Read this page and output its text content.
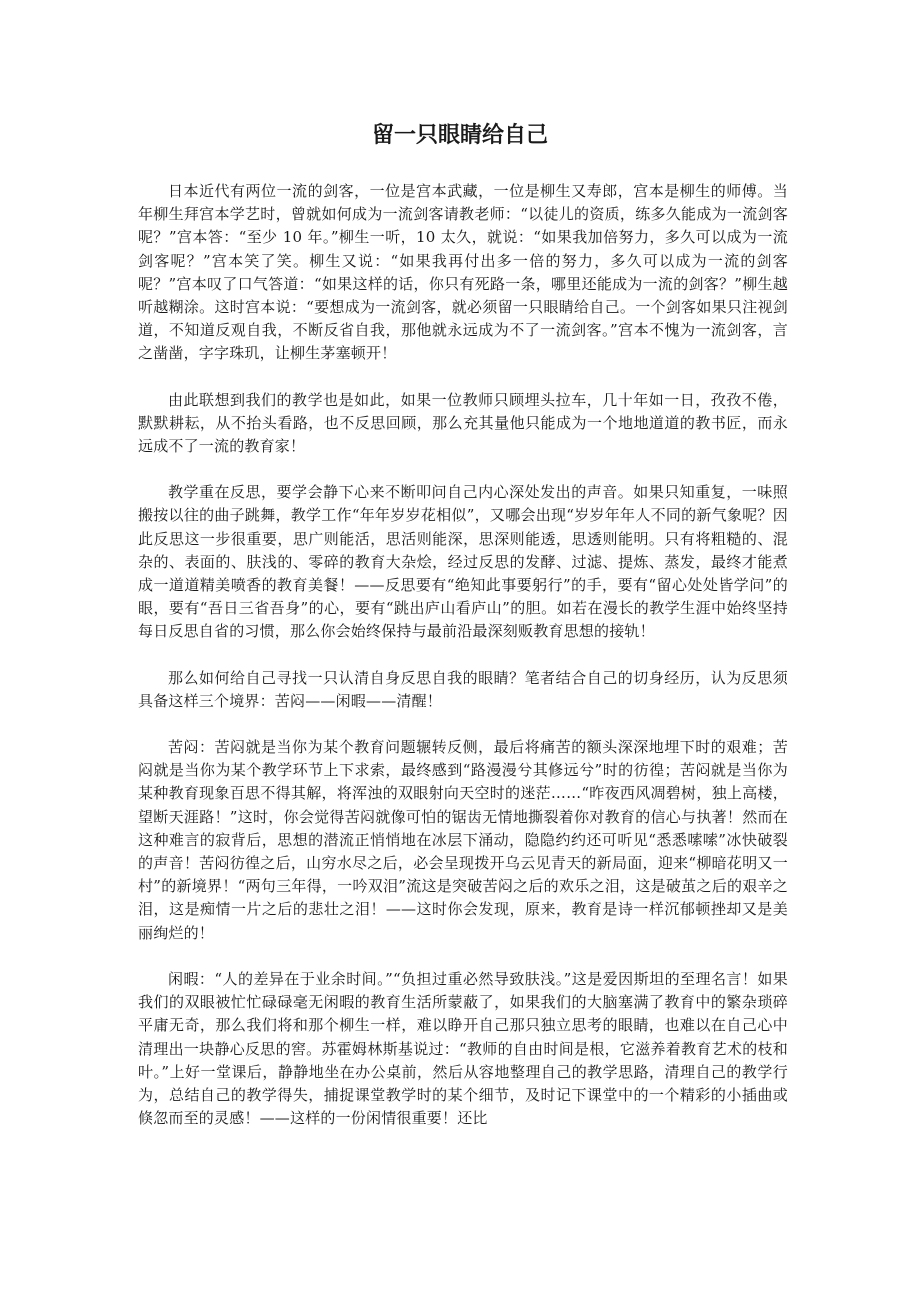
留一只眼睛给自己

日本近代有两位一流的剑客，一位是宫本武藏，一位是柳生又寿郎，宫本是柳生的师傅。当年柳生拜宫本学艺时，曾就如何成为一流剑客请教老师：“以徒儿的资质，练多久能成为一流剑客呢？”宫本答：“至少 10 年。”柳生一听，10 太久，就说：“如果我加倍努力，多久可以成为一流剑客呢？”宫本笑了笑。柳生又说：“如果我再付出多一倍的努力，多久可以成为一流的剑客呢？”宫本叹了口气答道：“如果这样的话，你只有死路一条，哪里还能成为一流的剑客？”柳生越听越糊涂。这时宫本说：“要想成为一流剑客，就必须留一只眼睛给自己。一个剑客如果只注视剑道，不知道反观自我，不断反省自我，那他就永远成为不了一流剑客。”宫本不愧为一流剑客，言之凿凿，字字珠玑，让柳生茅塞顿开！

由此联想到我们的教学也是如此，如果一位教师只顾埋头拉车，几十年如一日，孜孜不倦，默默耕耘，从不抬头看路，也不反思回顾，那么充其量他只能成为一个地地道道的教书匠，而永远成不了一流的教育家！

教学重在反思，要学会静下心来不断叩问自己内心深处发出的声音。如果只知重复，一味照搬按以往的曲子跳舞，教学工作“年年岁岁花相似”，又哪会出现“岁岁年年人不同的新气象呢？因此反思这一步很重要，思广则能活，思活则能深，思深则能透，思透则能明。只有将粗糙的、混杂的、表面的、肤浅的、零碎的教育大杂烩，经过反思的发酵、过滤、提炼、蒸发，最终才能煮成一道道精美喷香的教育美餐！——反思要有“绝知此事要躬行”的手，要有“留心处处皆学问”的眼，要有“吾日三省吾身”的心，要有“跳出庐山看庐山”的胆。如若在漫长的教学生涯中始终坚持每日反思自省的习惯，那么你会始终保持与最前沿最深刻贩教育思想的接轨！

那么如何给自己寻找一只认清自身反思自我的眼睛？笔者结合自己的切身经历，认为反思须具备这样三个境界：苦闷——闲暇——清醒！

苦闷：苦闷就是当你为某个教育问题辗转反侧，最后将痛苦的额头深深地埋下时的艰难；苦闷就是当你为某个教学环节上下求索，最终感到“路漫漫兮其修远兮”时的彷徨；苦闷就是当你为某种教育现象百思不得其解，将浑浊的双眼射向天空时的迷茫……“昨夜西风凋碧树，独上高楼，望断天涯路！”这时，你会觉得苦闷就像可怕的锯齿无情地撕裂着你对教育的信心与执著！然而在这种难言的寂背后，思想的潜流正悄悄地在冰层下涌动，隐隐约约还可听见“悉悉嗦嗦”冰快破裂的声音！苦闷彷徨之后，山穷水尽之后，必会呈现拨开乌云见青天的新局面，迎来“柳暗花明又一村”的新境界！“两句三年得，一吟双泪”流这是突破苦闷之后的欢乐之泪，这是破茧之后的艰辛之泪，这是痴情一片之后的悲壮之泪！——这时你会发现，原来，教育是诗一样沉郁顿挫却又是美丽绚烂的！

闲暇：“人的差异在于业余时间。”“负担过重必然导致肤浅。”这是爱因斯坦的至理名言！如果我们的双眼被忙忙碌碌毫无闲暇的教育生活所蒙蔽了，如果我们的大脑塞满了教育中的繁杂琐碎平庸无奇，那么我们将和那个柳生一样，难以睁开自己那只独立思考的眼睛，也难以在自己心中清理出一块静心反思的窖。苏霍姆林斯基说过：“教师的自由时间是根，它滋养着教育艺术的枝和叶。”上好一堂课后，静静地坐在办公桌前，然后从容地整理自己的教学思路，清理自己的教学行为，总结自己的教学得失，捕捉课堂教学时的某个细节，及时记下课堂中的一个精彩的小插曲或倏忽而至的灵感！——这样的一份闲情很重要！还比
